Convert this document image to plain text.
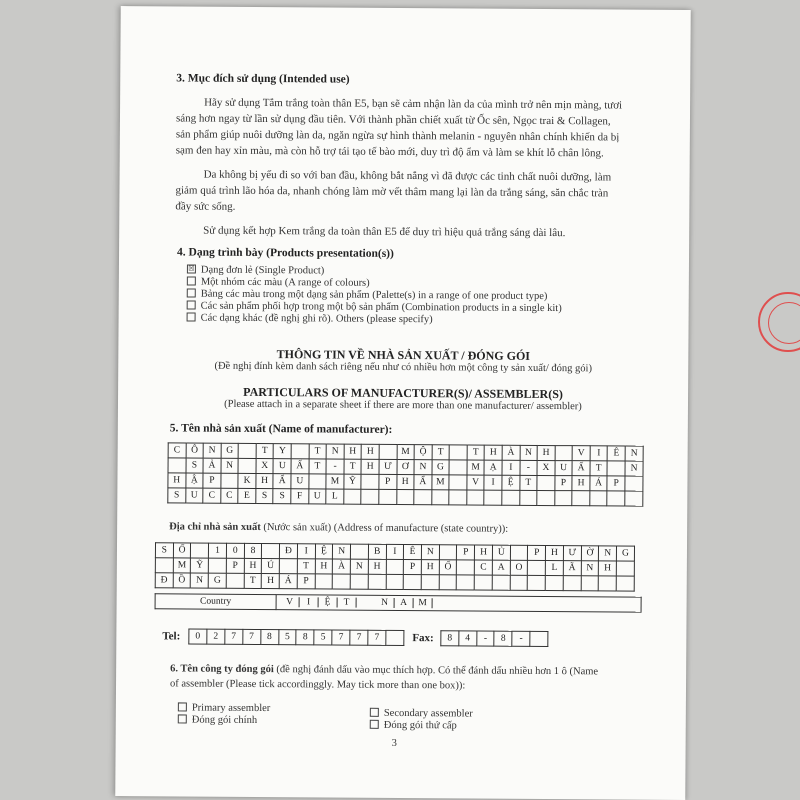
3. Mục đích sử dụng (Intended use)
Hãy sử dụng Tắm trắng toàn thân E5, bạn sẽ cảm nhận làn da của mình trở nên mịn màng, tươi
sáng hơn ngay từ lần sử dụng đầu tiên. Với thành phần chiết xuất từ Ốc sên, Ngọc trai & Collagen,
sản phẩm giúp nuôi dưỡng làn da, ngăn ngừa sự hình thành melanin - nguyên nhân chính khiến da bị
sạm đen hay xỉn màu, mà còn hỗ trợ tái tạo tế bào mới, duy trì độ ẩm và làm se khít lỗ chân lông.
Da không bị yếu đi so với ban đầu, không bắt nắng vì đã được các tinh chất nuôi dưỡng, làm
giảm quá trình lão hóa da, nhanh chóng làm mờ vết thâm mang lại làn da trắng sáng, săn chắc tràn
đầy sức sống.
Sử dụng kết hợp Kem trắng da toàn thân E5 để duy trì hiệu quả trắng sáng dài lâu.
4. Dạng trình bày (Products presentation(s))
☒ Dạng đơn lẻ (Single Product)
Một nhóm các màu (A range of colours)
Bảng các màu trong một dạng sản phẩm (Palette(s) in a range of one product type)
Các sản phẩm phối hợp trong một bộ sản phẩm (Combination products in a single kit)
Các dạng khác (đề nghị ghi rõ). Others (please specify)
THÔNG TIN VỀ NHÀ SẢN XUẤT / ĐÓNG GÓI
(Đề nghị đính kèm danh sách riêng nếu như có nhiều hơn một công ty sản xuất/ đóng gói)
PARTICULARS OF MANUFACTURER(S)/ ASSEMBLER(S)
(Please attach in a separate sheet if there are more than one manufacturer/ assembler)
5. Tên nhà sản xuất (Name of manufacturer):
C	Ô	N	G		T	Y		T	N	H	H		M	Ộ	T		T	H	À	N	H		V	I	Ê	N
	S	Ả	N		X	U	Ấ	T	-	T	H	Ư	Ơ	N	G		M	Ạ	I	-	X	U	Ấ	T		N
H	Ậ	P		K	H	Ẩ	U		M	Ỹ		P	H	Ẩ	M		V	I	Ệ	T		P	H	Á	P	
S	U	C	C	E	S	S	F	U	L																	
Địa chỉ nhà sản xuất (Nước sản xuất) (Address of manufacture (state country)):
S	Ố		1	0	8		Đ	I	Ệ	N		B	I	Ê	N		P	H	Ủ		P	H	Ư	Ờ	N	G
	M	Ỹ		P	H	Ú		T	H	À	N	H		P	H	Ố		C	A	O		L	Ã	N	H	
Đ	Ồ	N	G		T	H	Á	P																		
Country	V I Ệ T	N A M
Tel: 0	2	7	7	8	5	8	5	7	7	7		Fax: 8	4	-	8	-	
6. Tên công ty đóng gói (đề nghị đánh dấu vào mục thích hợp. Có thể đánh dấu nhiều hơn 1 ô (Name
of assembler (Please tick accordinggly. May tick more than one box)):
Primary assembler
Đóng gói chính
Secondary assembler
Đóng gói thứ cấp
3
